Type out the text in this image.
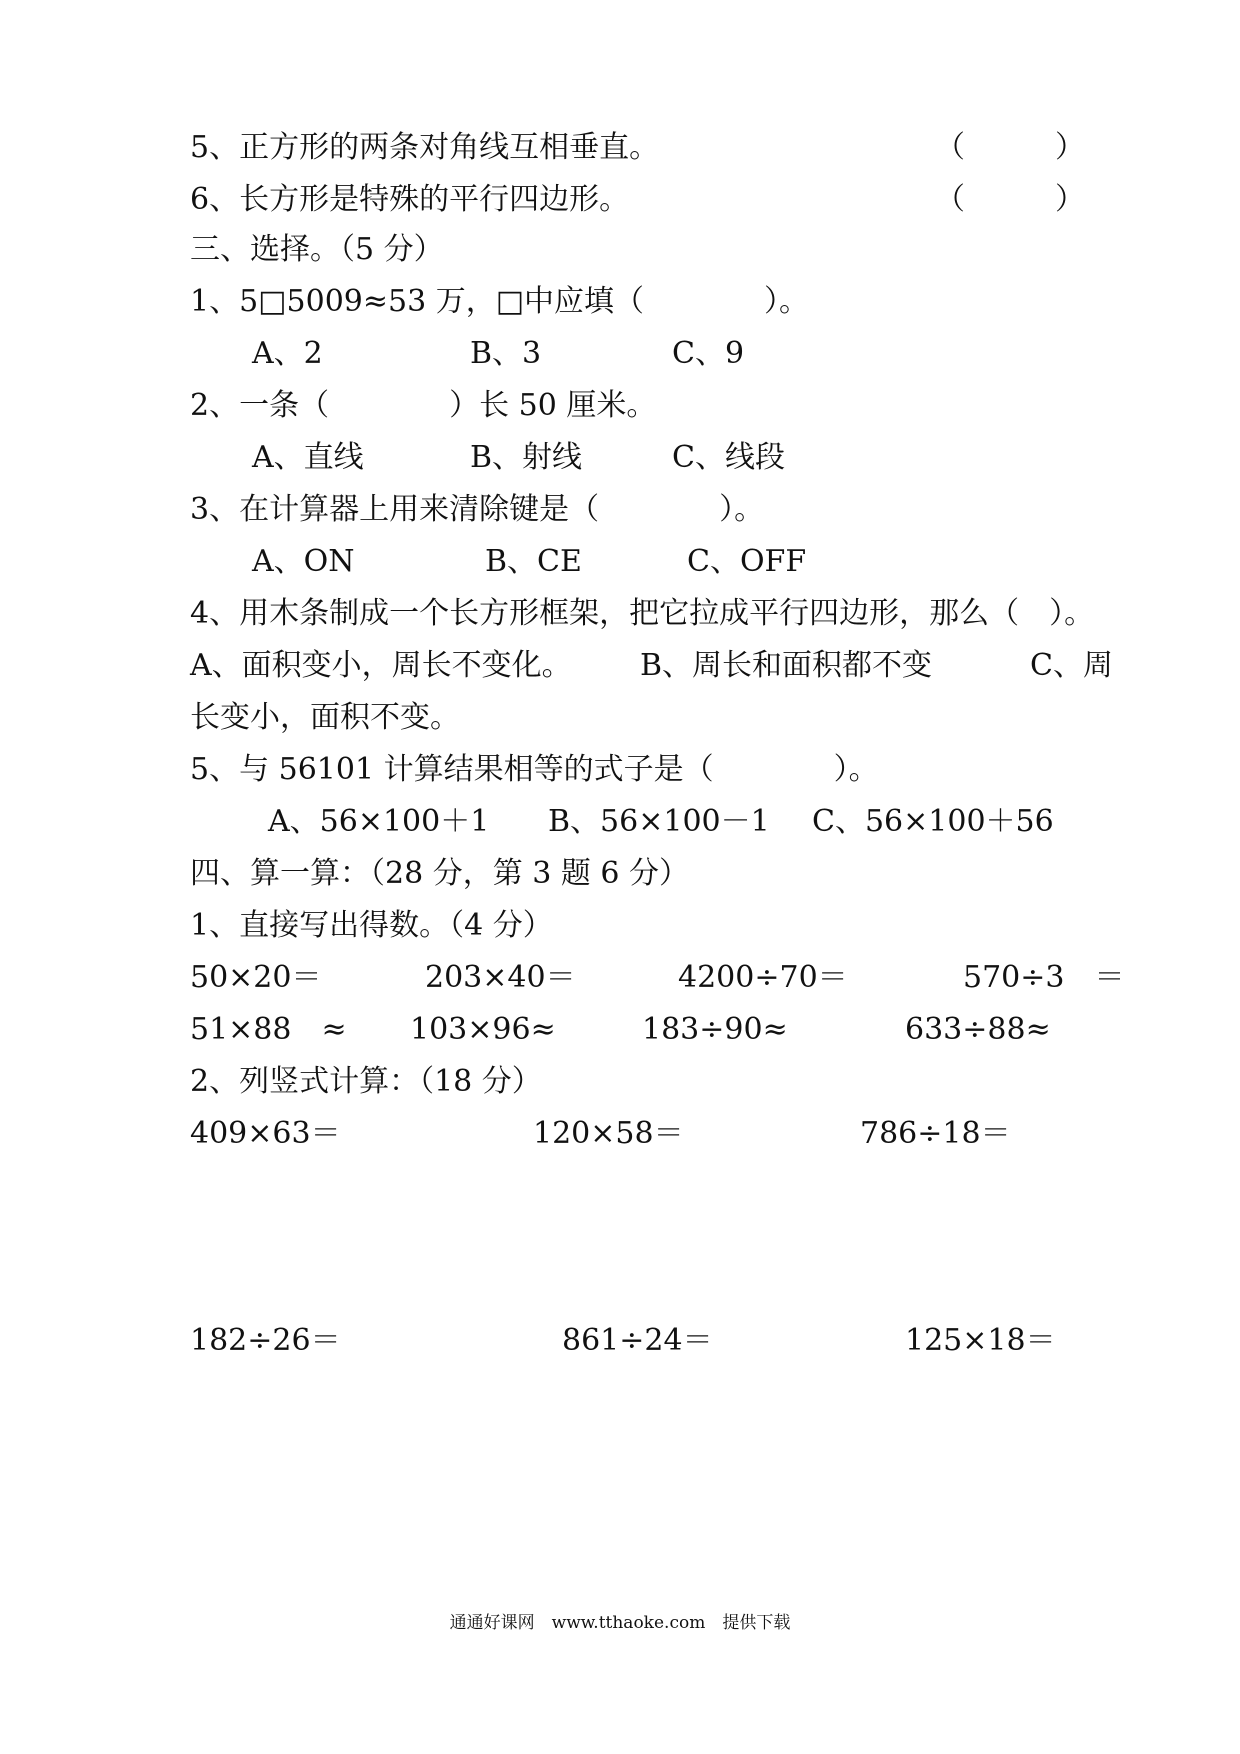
5、正方形的两条对角线互相垂直。	（　　　）
6、长方形是特殊的平行四边形。	（　　　）
三、选择。（5 分）
1、5□5009≈53 万，□中应填（　　　　）。
A、2	B、3	C、9
2、一条（　　　　）长 50 厘米。
A、直线	B、射线	C、线段
3、在计算器上用来清除键是（　　　　）。
A、ON	B、CE	C、OFF
4、用木条制成一个长方形框架，把它拉成平行四边形，那么（　）。
A、面积变小，周长不变化。 B、周长和面积都不变	C、周
长变小，面积不变。
5、与 56101 计算结果相等的式子是（　　　　）。
A、56×100＋1 B、56×100－1 C、56×100＋56
四、算一算：（28 分，第 3 题 6 分）
1、直接写出得数。（4 分）
50×20＝	203×40＝	4200÷70＝	570÷3　＝
51×88　≈ 103×96≈	183÷90≈	633÷88≈
2、列竖式计算：（18 分）
409×63＝	120×58＝	786÷18＝
182÷26＝	861÷24＝	125×18＝
通通好课网　www.tthaoke.com　提供下载
